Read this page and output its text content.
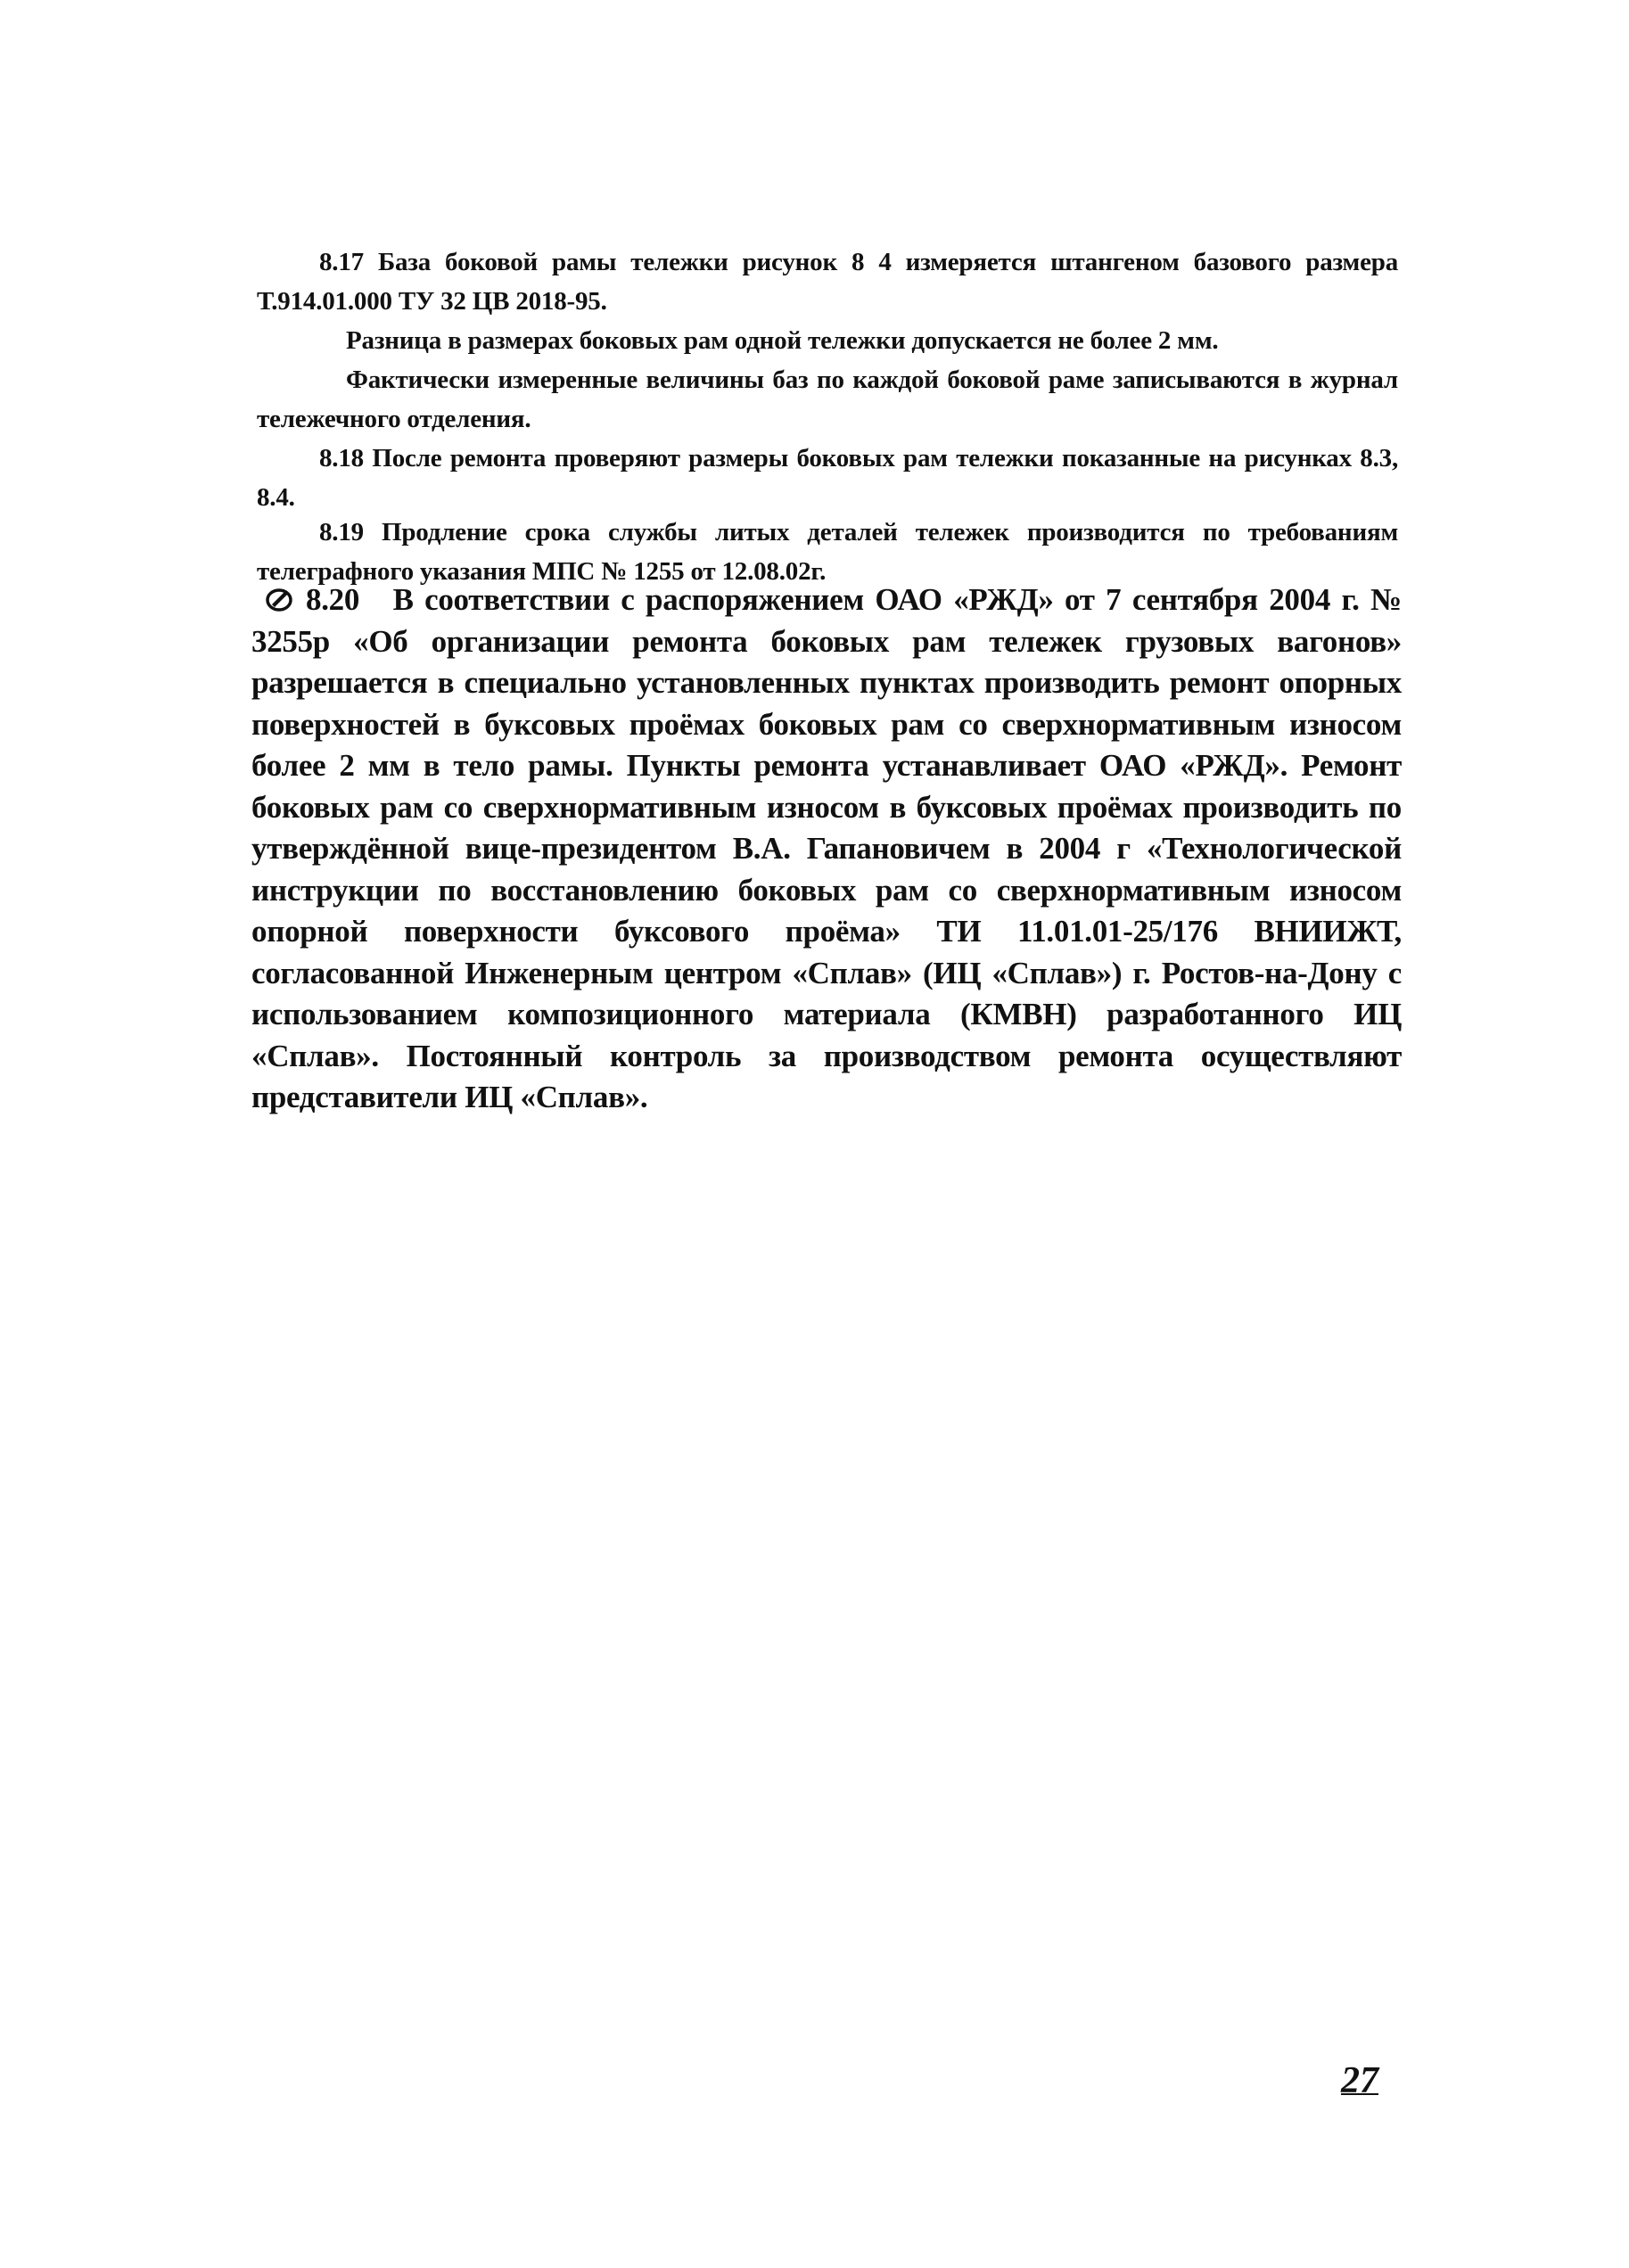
8.17 База боковой рамы тележки рисунок 8 4 измеряется штангеном базового размера Т.914.01.000 ТУ 32 ЦВ 2018-95.

Разница в размерах боковых рам одной тележки допускается не более 2 мм.

Фактически измеренные величины баз по каждой боковой раме записываются в журнал тележечного отделения.

8.18 После ремонта проверяют размеры боковых рам тележки показанные на рисунках 8.3, 8.4.

8.19 Продление срока службы литых деталей тележек производится по требованиям телеграфного указания МПС № 1255 от 12.08.02г.

8.20 В соответствии с распоряжением ОАО «РЖД» от 7 сентября 2004 г. № 3255р «Об организации ремонта боковых рам тележек грузовых вагонов» разрешается в специально установленных пунктах производить ремонт опорных поверхностей в буксовых проёмах боковых рам со сверхнормативным износом более 2 мм в тело рамы. Пункты ремонта устанавливает ОАО «РЖД». Ремонт боковых рам со сверхнормативным износом в буксовых проёмах производить по утверждённой вице-президентом В.А. Гапановичем в 2004 г «Технологической инструкции по восстановлению боковых рам со сверхнормативным износом опорной поверхности буксового проёма» ТИ 11.01.01-25/176 ВНИИЖТ, согласованной Инженерным центром «Сплав» (ИЦ «Сплав») г. Ростов-на-Дону с использованием композиционного материала (КМВН) разработанного ИЦ «Сплав». Постоянный контроль за производством ремонта осуществляют представители ИЦ «Сплав».

27
